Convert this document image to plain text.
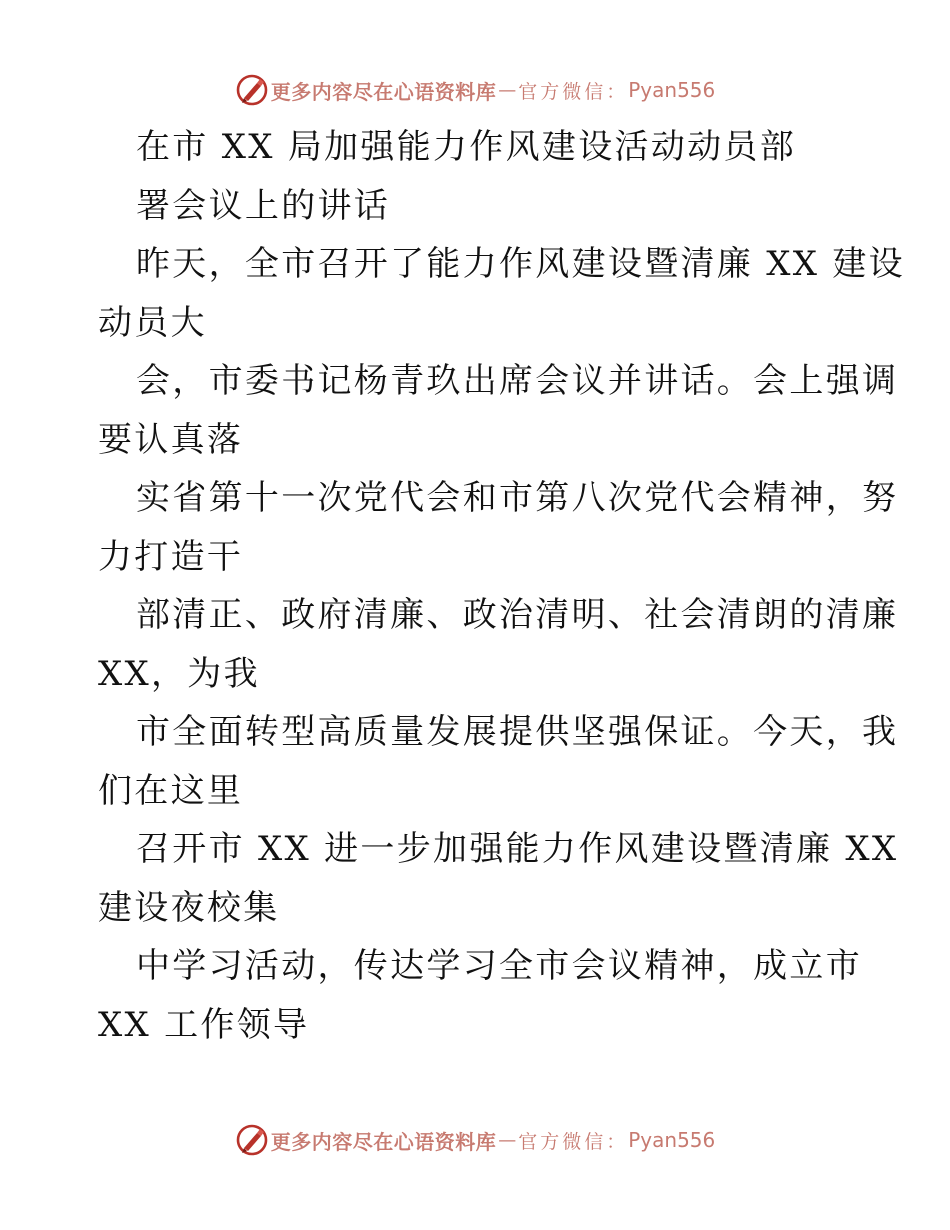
更多内容尽在心语资料库 — 官方微信： Pyan556
在市 XX 局加强能力作风建设活动动员部
署会议上的讲话
昨天，全市召开了能力作风建设暨清廉 XX 建设
动员大
会，市委书记杨青玖出席会议并讲话。会上强调
要认真落
实省第十一次党代会和市第八次党代会精神，努
力打造干
部清正、政府清廉、政治清明、社会清朗的清廉
XX，为我
市全面转型高质量发展提供坚强保证。今天，我
们在这里
召开市 XX 进一步加强能力作风建设暨清廉 XX
建设夜校集
中学习活动，传达学习全市会议精神，成立市
XX 工作领导
更多内容尽在心语资料库 — 官方微信： Pyan556
